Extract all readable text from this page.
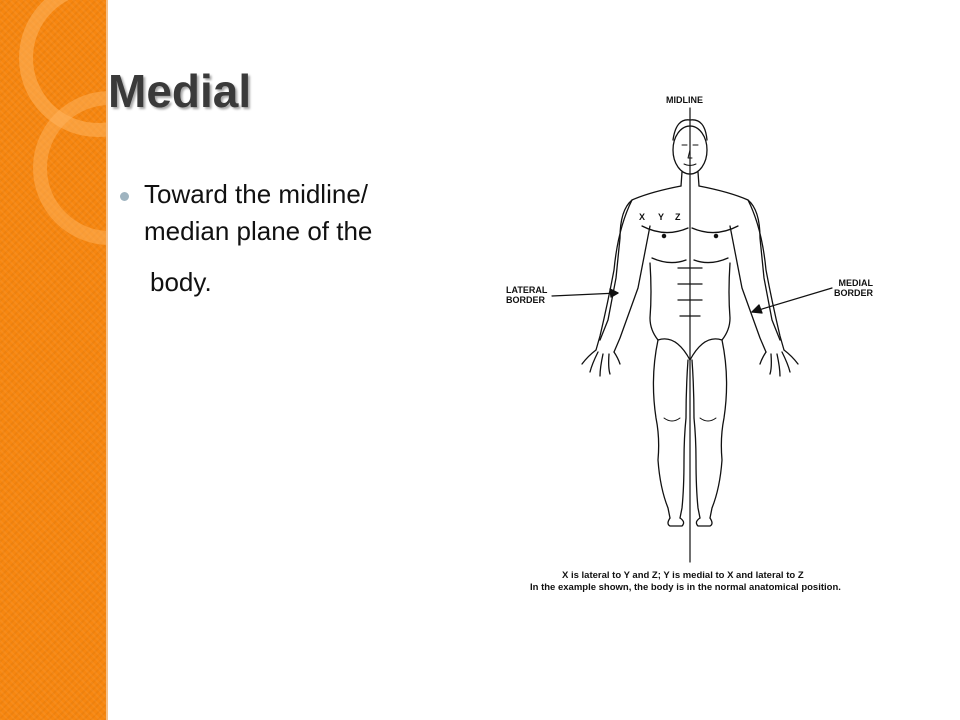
Medial
Toward the midline/
median plane of the
body.
MIDLINE
LATERAL
BORDER
MEDIAL
BORDER
X Y Z
X is lateral to Y and Z; Y is medial to X and lateral to Z
In the example shown, the body is in the normal anatomical position.
